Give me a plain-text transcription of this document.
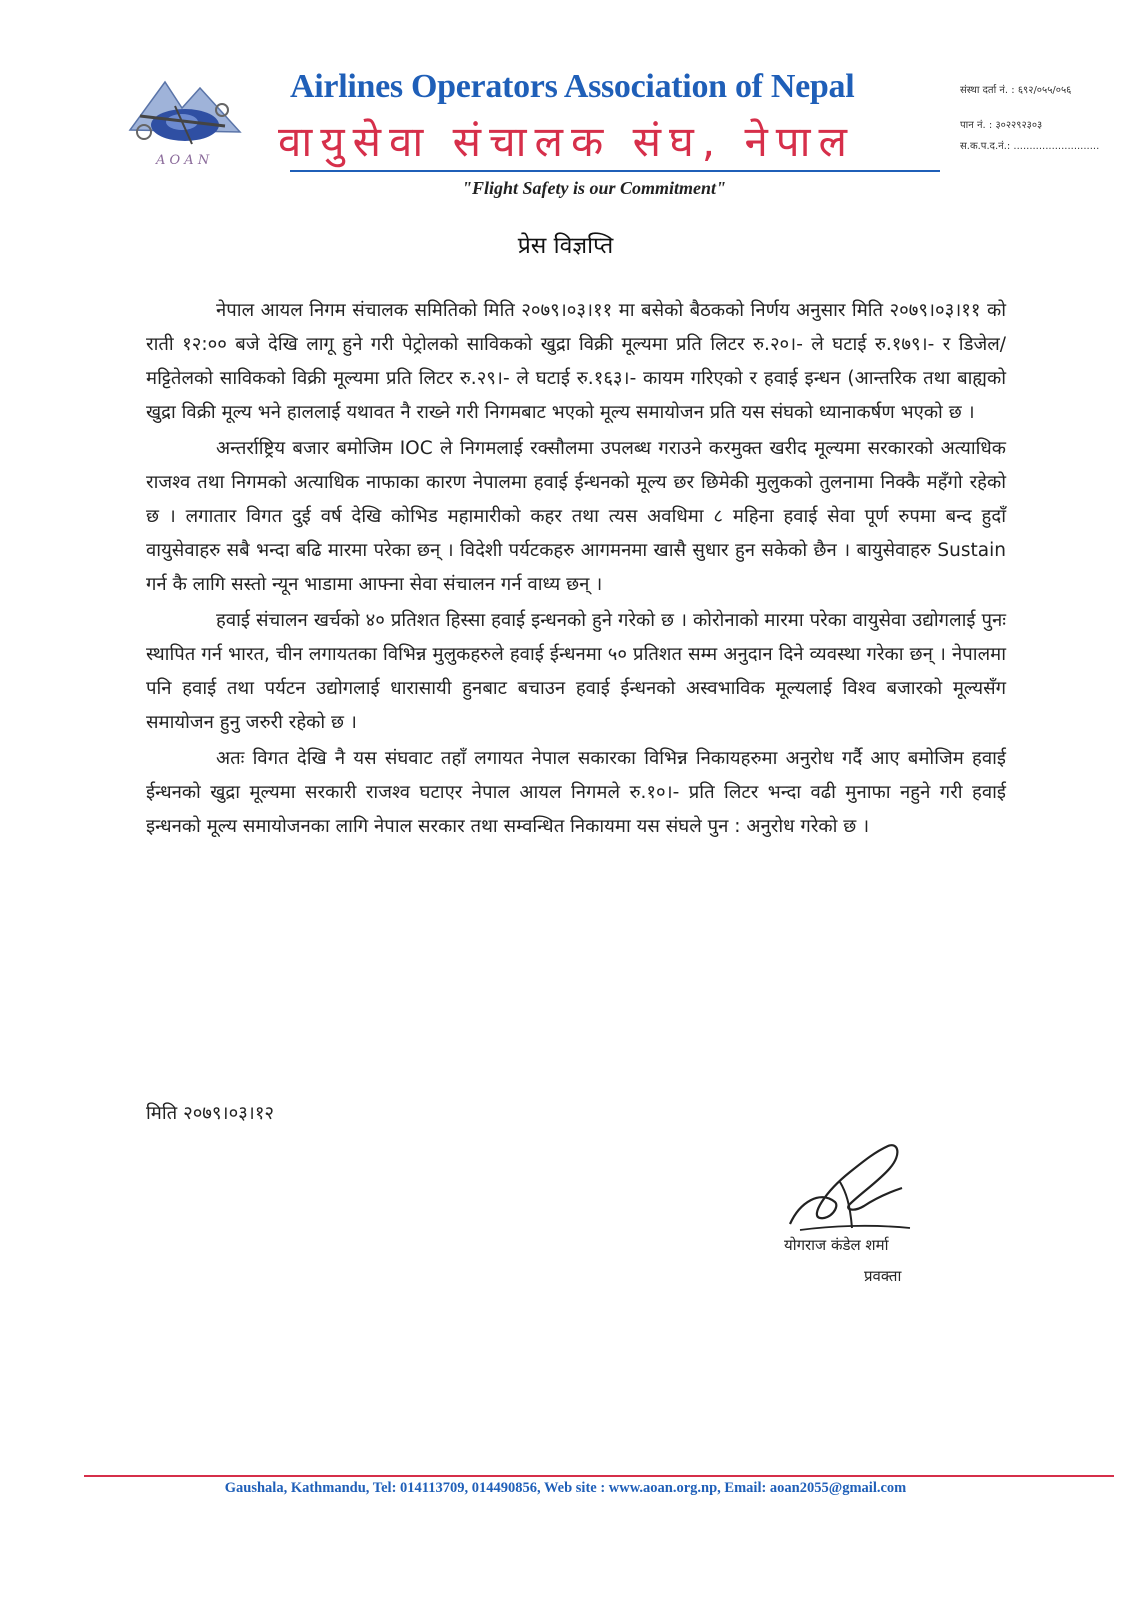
A O A N
Airlines Operators Association of Nepal
वायुसेवा संचालक संघ, नेपाल
संस्था दर्ता नं. : ६९२/०५५/०५६
पान नं. : ३०२२९२३०३
स.क.प.द.नं.: ...........................
"Flight Safety is our Commitment"
प्रेस विज्ञप्ति

नेपाल आयल निगम संचालक समितिको मिति २०७९।०३।११ मा बसेको बैठकको निर्णय अनुसार मिति २०७९।०३।११ को राती १२:०० बजे देखि लागू हुने गरी पेट्रोलको साविकको खुद्रा विक्री मूल्यमा प्रति लिटर रु.२०।- ले घटाई रु.१७९।- र डिजेल/मट्टितेलको साविकको विक्री मूल्यमा प्रति लिटर रु.२९।- ले घटाई रु.१६३।- कायम गरिएको र हवाई इन्धन (आन्तरिक तथा बाह्यको खुद्रा विक्री मूल्य भने हाललाई यथावत नै राख्ने गरी निगमबाट भएको मूल्य समायोजन प्रति यस संघको ध्यानाकर्षण भएको छ ।

अन्तर्राष्ट्रिय बजार बमोजिम IOC ले निगमलाई रक्सौलमा उपलब्ध गराउने करमुक्त खरीद मूल्यमा सरकारको अत्याधिक राजश्व तथा निगमको अत्याधिक नाफाका कारण नेपालमा हवाई ईन्धनको मूल्य छर छिमेकी मुलुकको तुलनामा निक्कै महँगो रहेको छ । लगातार विगत दुई वर्ष देखि कोभिड महामारीको कहर तथा त्यस अवधिमा ८ महिना हवाई सेवा पूर्ण रुपमा बन्द हुदाँ वायुसेवाहरु सबै भन्दा बढि मारमा परेका छन् । विदेशी पर्यटकहरु आगमनमा खासै सुधार हुन सकेको छैन । बायुसेवाहरु Sustain गर्न कै लागि सस्तो न्यून भाडामा आफ्ना सेवा संचालन गर्न वाध्य छन् ।

हवाई संचालन खर्चको ४० प्रतिशत हिस्सा हवाई इन्धनको हुने गरेको छ । कोरोनाको मारमा परेका वायुसेवा उद्योगलाई पुनः स्थापित गर्न भारत, चीन लगायतका विभिन्न मुलुकहरुले हवाई ईन्धनमा ५० प्रतिशत सम्म अनुदान दिने व्यवस्था गरेका छन् । नेपालमा पनि हवाई तथा पर्यटन उद्योगलाई धारासायी हुनबाट बचाउन हवाई ईन्धनको अस्वभाविक मूल्यलाई विश्व बजारको मूल्यसँग समायोजन हुनु जरुरी रहेको छ ।

अतः विगत देखि नै यस संघवाट तहाँ लगायत नेपाल सकारका विभिन्न निकायहरुमा अनुरोध गर्दै आए बमोजिम हवाई ईन्धनको खुद्रा मूल्यमा सरकारी राजश्व घटाएर नेपाल आयल निगमले रु.१०।- प्रति लिटर भन्दा वढी मुनाफा नहुने गरी हवाई इन्धनको मूल्य समायोजनका लागि नेपाल सरकार तथा सम्वन्धित निकायमा यस संघले पुन : अनुरोध गरेको छ ।

मिति २०७९।०३।१२
योगराज कंडेल शर्मा
प्रवक्ता
Gaushala, Kathmandu, Tel: 014113709, 014490856, Web site : www.aoan.org.np, Email: aoan2055@gmail.com
